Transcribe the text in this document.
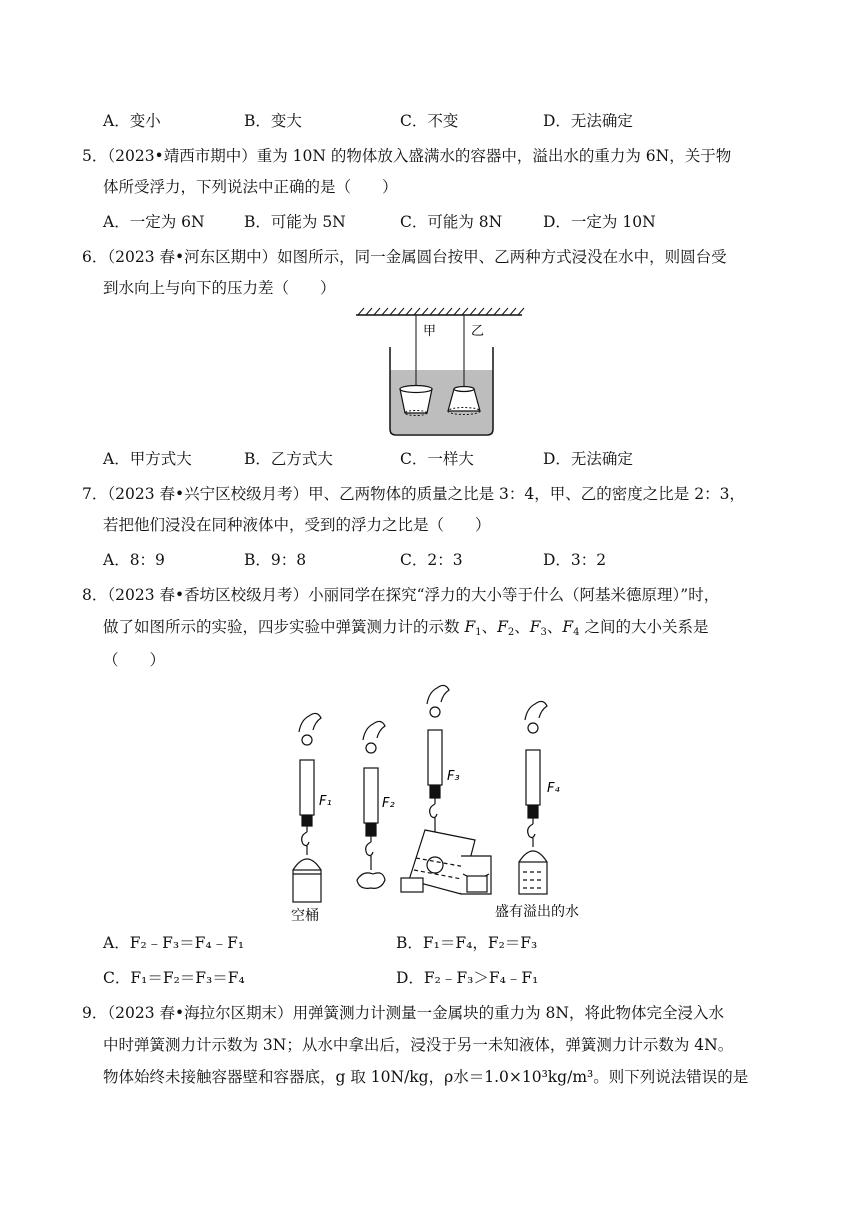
A．变小	B．变大	C．不变	D．无法确定
5．（2023•靖西市期中）重为 10N 的物体放入盛满水的容器中，溢出水的重力为 6N，关于物
体所受浮力，下列说法中正确的是（　　）
A．一定为 6N	B．可能为 5N	C．可能为 8N	D．一定为 10N
6．（2023 春•河东区期中）如图所示，同一金属圆台按甲、乙两种方式浸没在水中，则圆台受
到水向上与向下的压力差（　　）
甲	乙
A．甲方式大	B．乙方式大	C．一样大	D．无法确定
7．（2023 春•兴宁区校级月考）甲、乙两物体的质量之比是 3：4，甲、乙的密度之比是 2：3，
若把他们浸没在同种液体中，受到的浮力之比是（　　）
A．8：9	B．9：8	C．2：3	D．3：2
8．（2023 春•香坊区校级月考）小丽同学在探究“浮力的大小等于什么（阿基米德原理）”时，
做了如图所示的实验，四步实验中弹簧测力计的示数 $F_1$、$F_2$、$F_3$、$F_4$ 之间的大小关系是
（　　）
F₁	F₂
F₃
F₄
空桶	盛有溢出的水
A．F₂﹣F₃＝F₄﹣F₁	B．F₁＝F₄，F₂＝F₃
C．F₁＝F₂＝F₃＝F₄	D．F₂﹣F₃＞F₄﹣F₁
9．（2023 春•海拉尔区期末）用弹簧测力计测量一金属块的重力为 8N，将此物体完全浸入水
中时弹簧测力计示数为 3N；从水中拿出后，浸没于另一未知液体，弹簧测力计示数为 4N。
物体始终未接触容器壁和容器底，g 取 10N/kg，ρ水＝1.0×10³kg/m³。则下列说法错误的是
